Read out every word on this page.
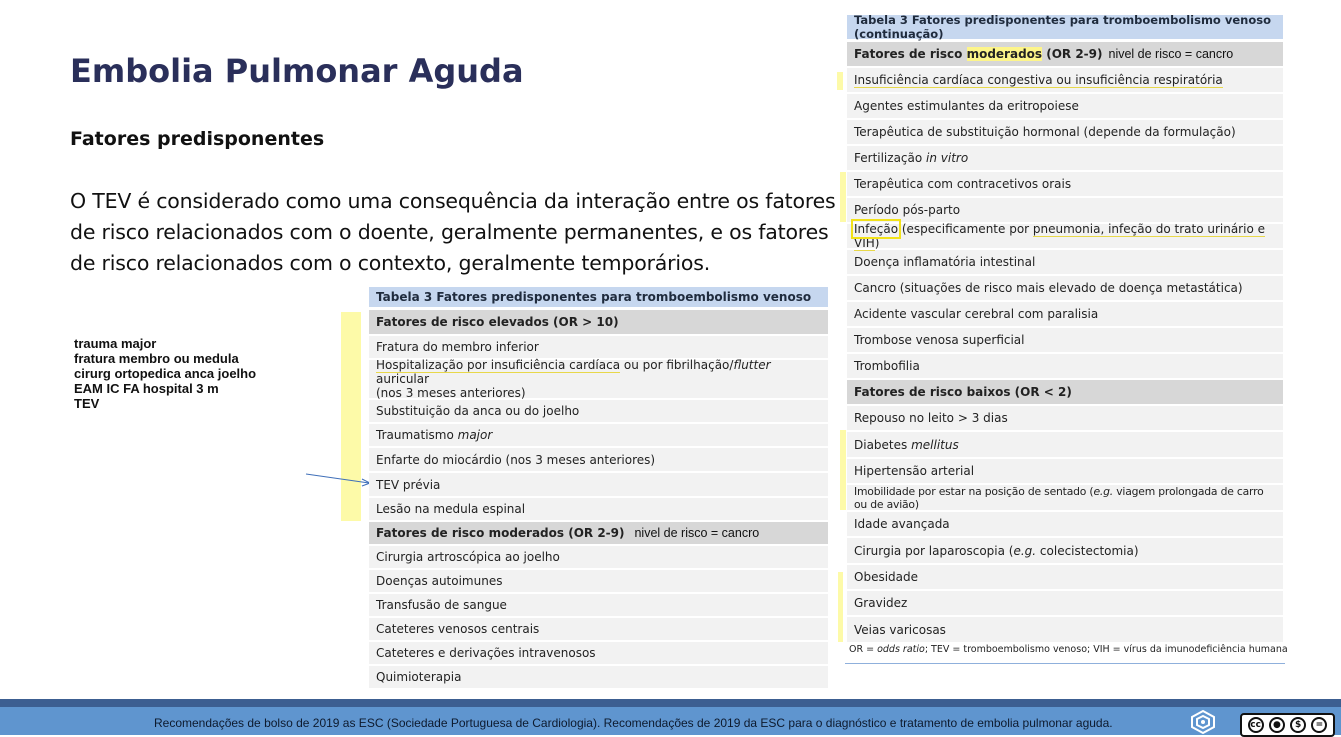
Embolia Pulmonar Aguda
Fatores predisponentes

O TEV é considerado como uma consequência da interação entre os fatores de risco relacionados com o doente, geralmente permanentes, e os fatores de risco relacionados com o contexto, geralmente temporários.

trauma major
fratura membro ou medula
cirurg ortopedica anca joelho
EAM IC FA hospital 3 m
TEV
Tabela 3 Fatores predisponentes para tromboembolismo venoso
Fatores de risco elevados (OR > 10)
Fratura do membro inferior
Hospitalização por insuficiência cardíaca ou por fibrilhação/flutter auricular
(nos 3 meses anteriores)
Substituição da anca ou do joelho
Traumatismo major
Enfarte do miocárdio (nos 3 meses anteriores)
TEV prévia
Lesão na medula espinal
Fatores de risco moderados (OR 2-9) nivel de risco = cancro
Cirurgia artroscópica ao joelho
Doenças autoimunes
Transfusão de sangue
Cateteres venosos centrais
Cateteres e derivações intravenosos
Quimioterapia
Tabela 3 Fatores predisponentes para tromboembolismo venoso (continuação)
Fatores de risco moderados (OR 2-9) nivel de risco = cancro
Insuficiência cardíaca congestiva ou insuficiência respiratória
Agentes estimulantes da eritropoiese
Terapêutica de substituição hormonal (depende da formulação)
Fertilização in vitro
Terapêutica com contracetivos orais
Período pós-parto
Infeção (especificamente por pneumonia, infeção do trato urinário e VIH)
Doença inflamatória intestinal
Cancro (situações de risco mais elevado de doença metastática)
Acidente vascular cerebral com paralisia
Trombose venosa superficial
Trombofilia
Fatores de risco baixos (OR < 2)
Repouso no leito > 3 dias
Diabetes mellitus
Hipertensão arterial
Imobilidade por estar na posição de sentado (e.g. viagem prolongada de carro ou de avião)
Idade avançada
Cirurgia por laparoscopia (e.g. colecistectomia)
Obesidade
Gravidez
Veias varicosas
OR = odds ratio; TEV = tromboembolismo venoso; VIH = vírus da imunodeficiência humana
Recomendações de bolso de 2019 as ESC (Sociedade Portuguesa de Cardiologia). Recomendações de 2019 da ESC para o diagnóstico e tratamento de embolia pulmonar aguda.	cc	●	$	=
